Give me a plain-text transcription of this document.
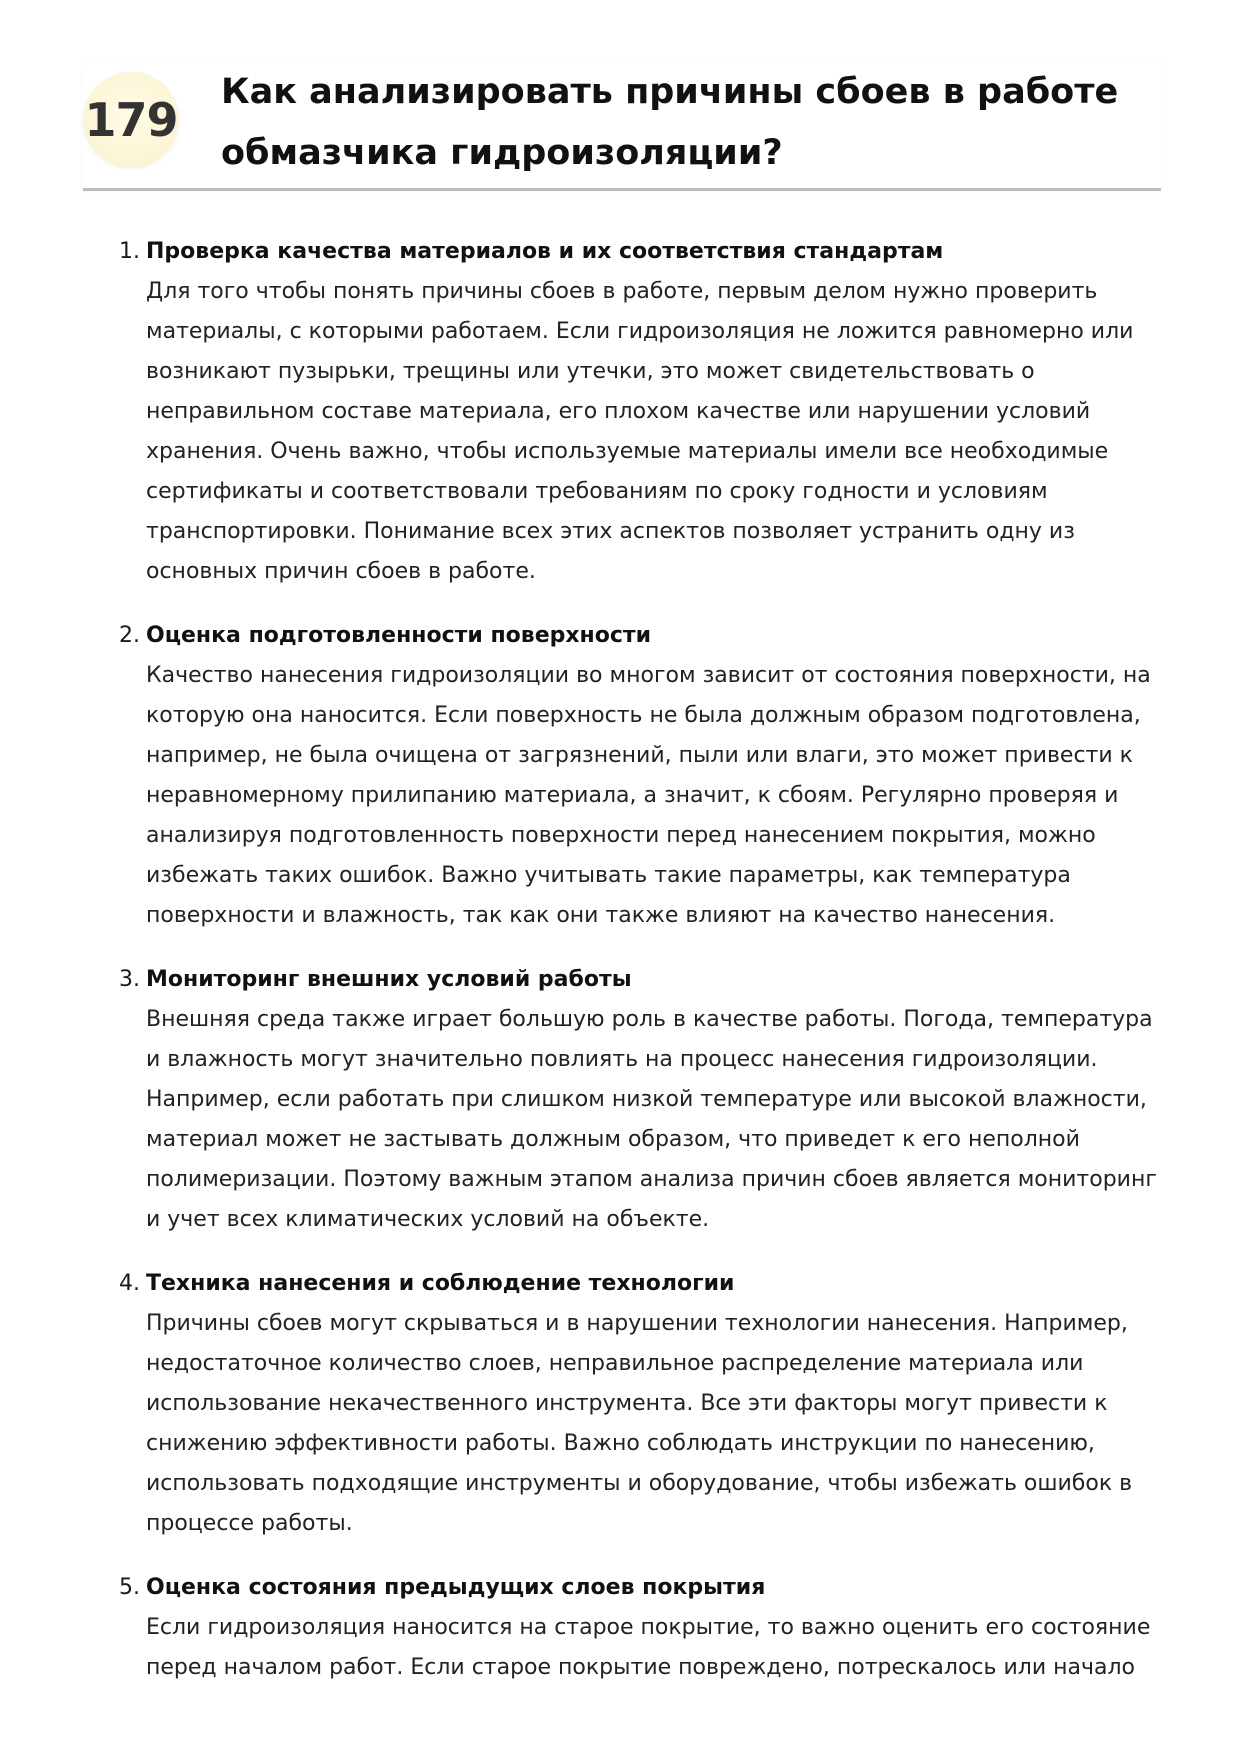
179
Как анализировать причины сбоев в работе обмазчика гидроизоляции?
1. Проверка качества материалов и их соответствия стандартам
Для того чтобы понять причины сбоев в работе, первым делом нужно проверить материалы, с которыми работаем. Если гидроизоляция не ложится равномерно или возникают пузырьки, трещины или утечки, это может свидетельствовать о неправильном составе материала, его плохом качестве или нарушении условий хранения. Очень важно, чтобы используемые материалы имели все необходимые сертификаты и соответствовали требованиям по сроку годности и условиям транспортировки. Понимание всех этих аспектов позволяет устранить одну из основных причин сбоев в работе.
2. Оценка подготовленности поверхности
Качество нанесения гидроизоляции во многом зависит от состояния поверхности, на которую она наносится. Если поверхность не была должным образом подготовлена, например, не была очищена от загрязнений, пыли или влаги, это может привести к неравномерному прилипанию материала, а значит, к сбоям. Регулярно проверяя и анализируя подготовленность поверхности перед нанесением покрытия, можно избежать таких ошибок. Важно учитывать такие параметры, как температура поверхности и влажность, так как они также влияют на качество нанесения.
3. Мониторинг внешних условий работы
Внешняя среда также играет большую роль в качестве работы. Погода, температура и влажность могут значительно повлиять на процесс нанесения гидроизоляции. Например, если работать при слишком низкой температуре или высокой влажности, материал может не застывать должным образом, что приведет к его неполной полимеризации. Поэтому важным этапом анализа причин сбоев является мониторинг и учет всех климатических условий на объекте.
4. Техника нанесения и соблюдение технологии
Причины сбоев могут скрываться и в нарушении технологии нанесения. Например, недостаточное количество слоев, неправильное распределение материала или использование некачественного инструмента. Все эти факторы могут привести к снижению эффективности работы. Важно соблюдать инструкции по нанесению, использовать подходящие инструменты и оборудование, чтобы избежать ошибок в процессе работы.
5. Оценка состояния предыдущих слоев покрытия
Если гидроизоляция наносится на старое покрытие, то важно оценить его состояние перед началом работ. Если старое покрытие повреждено, потрескалось или начало
